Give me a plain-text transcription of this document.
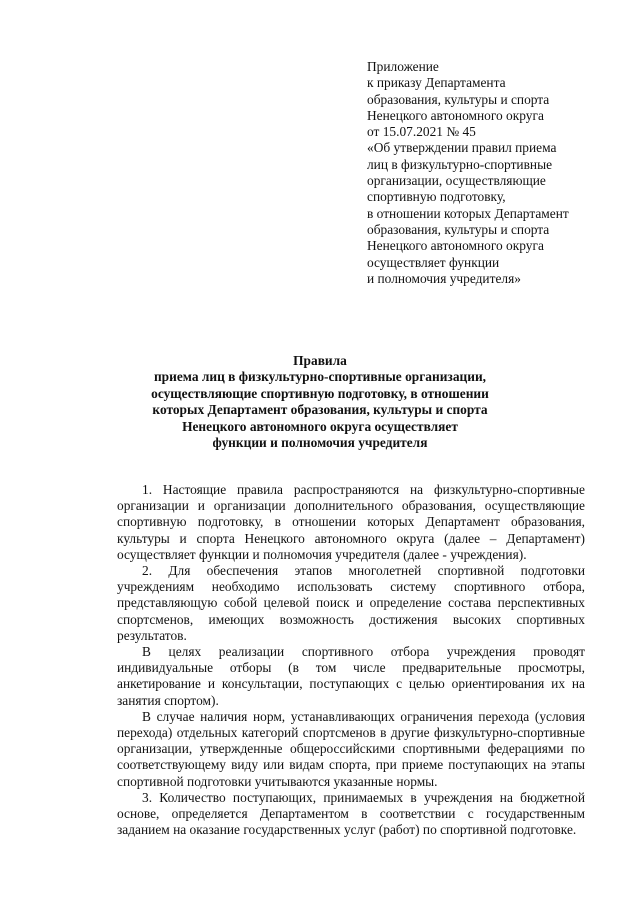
Приложение
к приказу Департамента
образования, культуры и спорта
Ненецкого автономного округа
от 15.07.2021 № 45
«Об утверждении правил приема
лиц в физкультурно-спортивные
организации, осуществляющие
спортивную подготовку,
в отношении которых Департамент
образования, культуры и спорта
Ненецкого автономного округа
осуществляет функции
и полномочия учредителя»
Правила
приема лиц в физкультурно-спортивные организации,
осуществляющие спортивную подготовку, в отношении
которых Департамент образования, культуры и спорта
Ненецкого автономного округа осуществляет
функции и полномочия учредителя

1. Настоящие правила распространяются на физкультурно-спортивные организации и организации дополнительного образования, осуществляющие спортивную подготовку, в отношении которых Департамент образования, культуры и спорта Ненецкого автономного округа (далее – Департамент) осуществляет функции и полномочия учредителя (далее - учреждения).

2. Для обеспечения этапов многолетней спортивной подготовки учреждениям необходимо использовать систему спортивного отбора, представляющую собой целевой поиск и определение состава перспективных спортсменов, имеющих возможность достижения высоких спортивных результатов.

В целях реализации спортивного отбора учреждения проводят индивидуальные отборы (в том числе предварительные просмотры, анкетирование и консультации, поступающих с целью ориентирования их на занятия спортом).

В случае наличия норм, устанавливающих ограничения перехода (условия перехода) отдельных категорий спортсменов в другие физкультурно-спортивные организации, утвержденные общероссийскими спортивными федерациями по соответствующему виду или видам спорта, при приеме поступающих на этапы спортивной подготовки учитываются указанные нормы.

3. Количество поступающих, принимаемых в учреждения на бюджетной основе, определяется Департаментом в соответствии с государственным заданием на оказание государственных услуг (работ) по спортивной подготовке.
